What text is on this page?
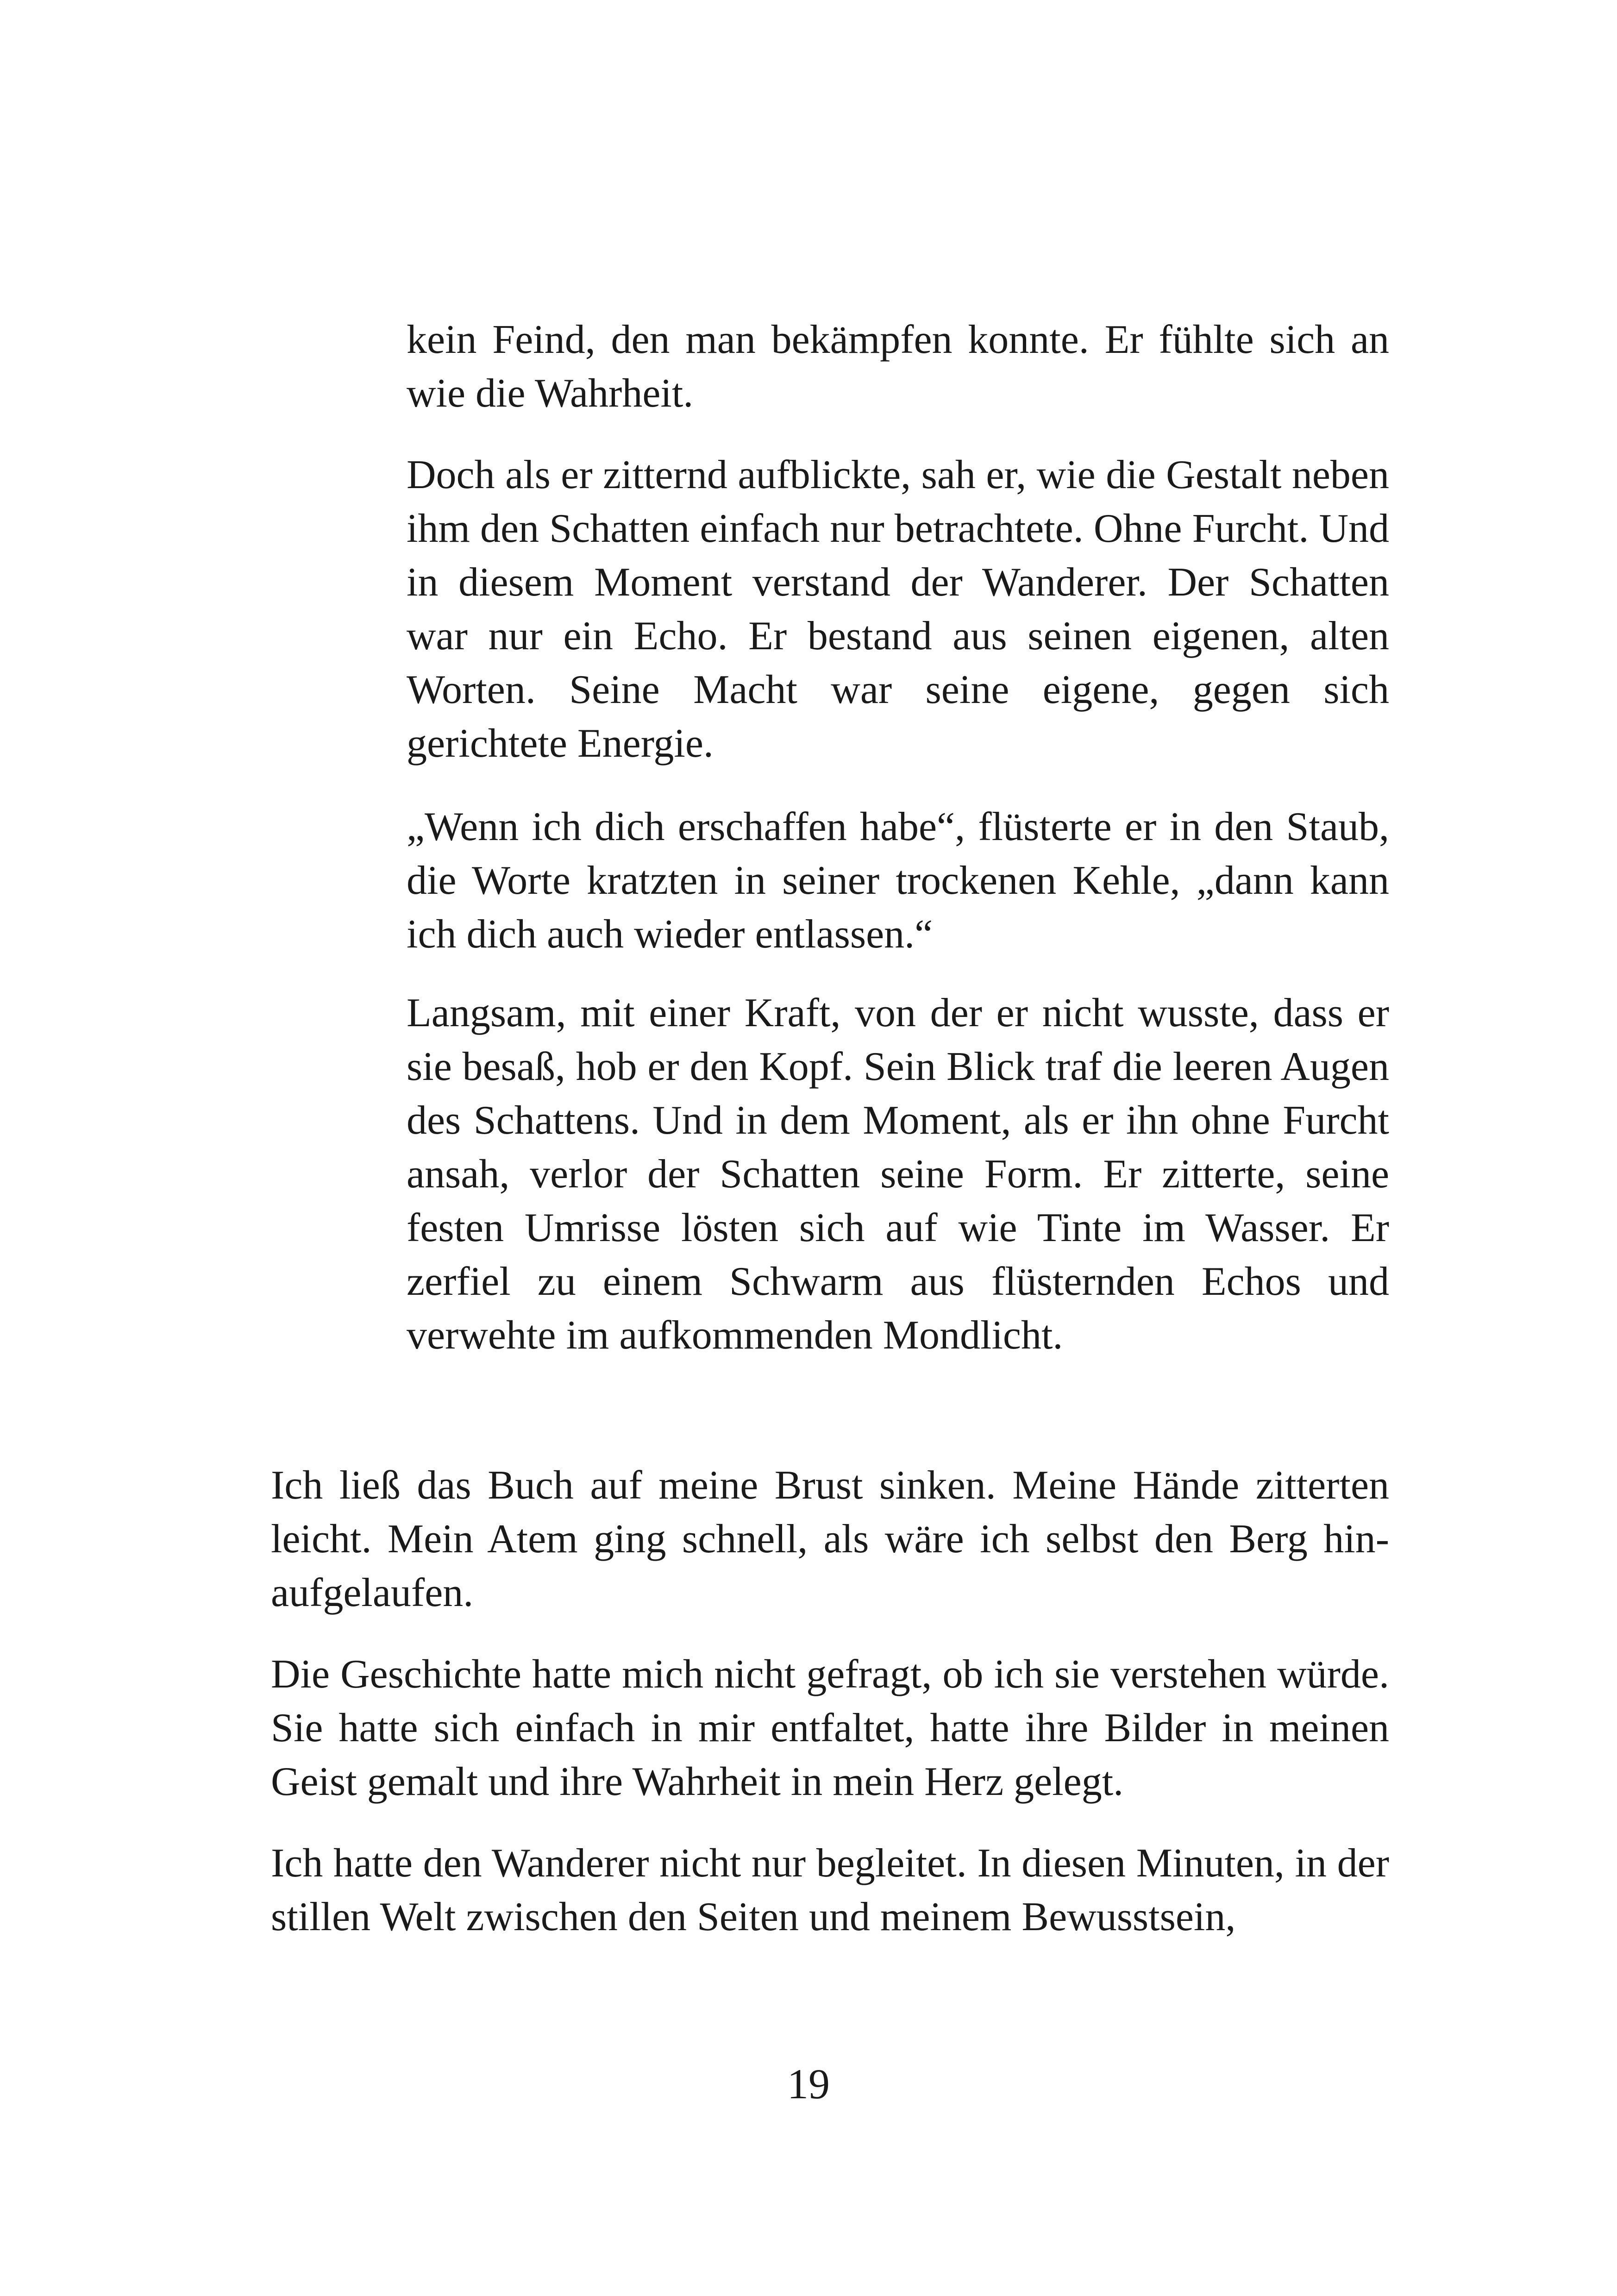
kein Feind, den man bekämpfen konnte. Er fühlte sich an wie die Wahrheit.

Doch als er zitternd aufblickte, sah er, wie die Gestalt neben ihm den Schatten einfach nur betrachtete. Ohne Furcht. Und in diesem Moment verstand der Wanderer. Der Schatten war nur ein Echo. Er bestand aus seinen eigenen, alten Worten. Seine Macht war seine eigene, gegen sich gerichtete Energie.

„Wenn ich dich erschaffen habe“, flüsterte er in den Staub, die Worte kratzten in seiner trockenen Kehle, „dann kann ich dich auch wieder entlassen.“

Langsam, mit einer Kraft, von der er nicht wusste, dass er sie besaß, hob er den Kopf. Sein Blick traf die leeren Augen des Schattens. Und in dem Moment, als er ihn ohne Furcht ansah, verlor der Schatten seine Form. Er zitterte, seine festen Umrisse lösten sich auf wie Tinte im Wasser. Er zerfiel zu einem Schwarm aus flüsternden Echos und verwehte im aufkommenden Mondlicht.

Ich ließ das Buch auf meine Brust sinken. Meine Hände zitterten leicht. Mein Atem ging schnell, als wäre ich selbst den Berg hinaufgelaufen.

Die Geschichte hatte mich nicht gefragt, ob ich sie verstehen würde. Sie hatte sich einfach in mir entfaltet, hatte ihre Bilder in meinen Geist gemalt und ihre Wahrheit in mein Herz gelegt.

Ich hatte den Wanderer nicht nur begleitet. In diesen Minuten, in der stillen Welt zwischen den Seiten und meinem Bewusstsein,

19
